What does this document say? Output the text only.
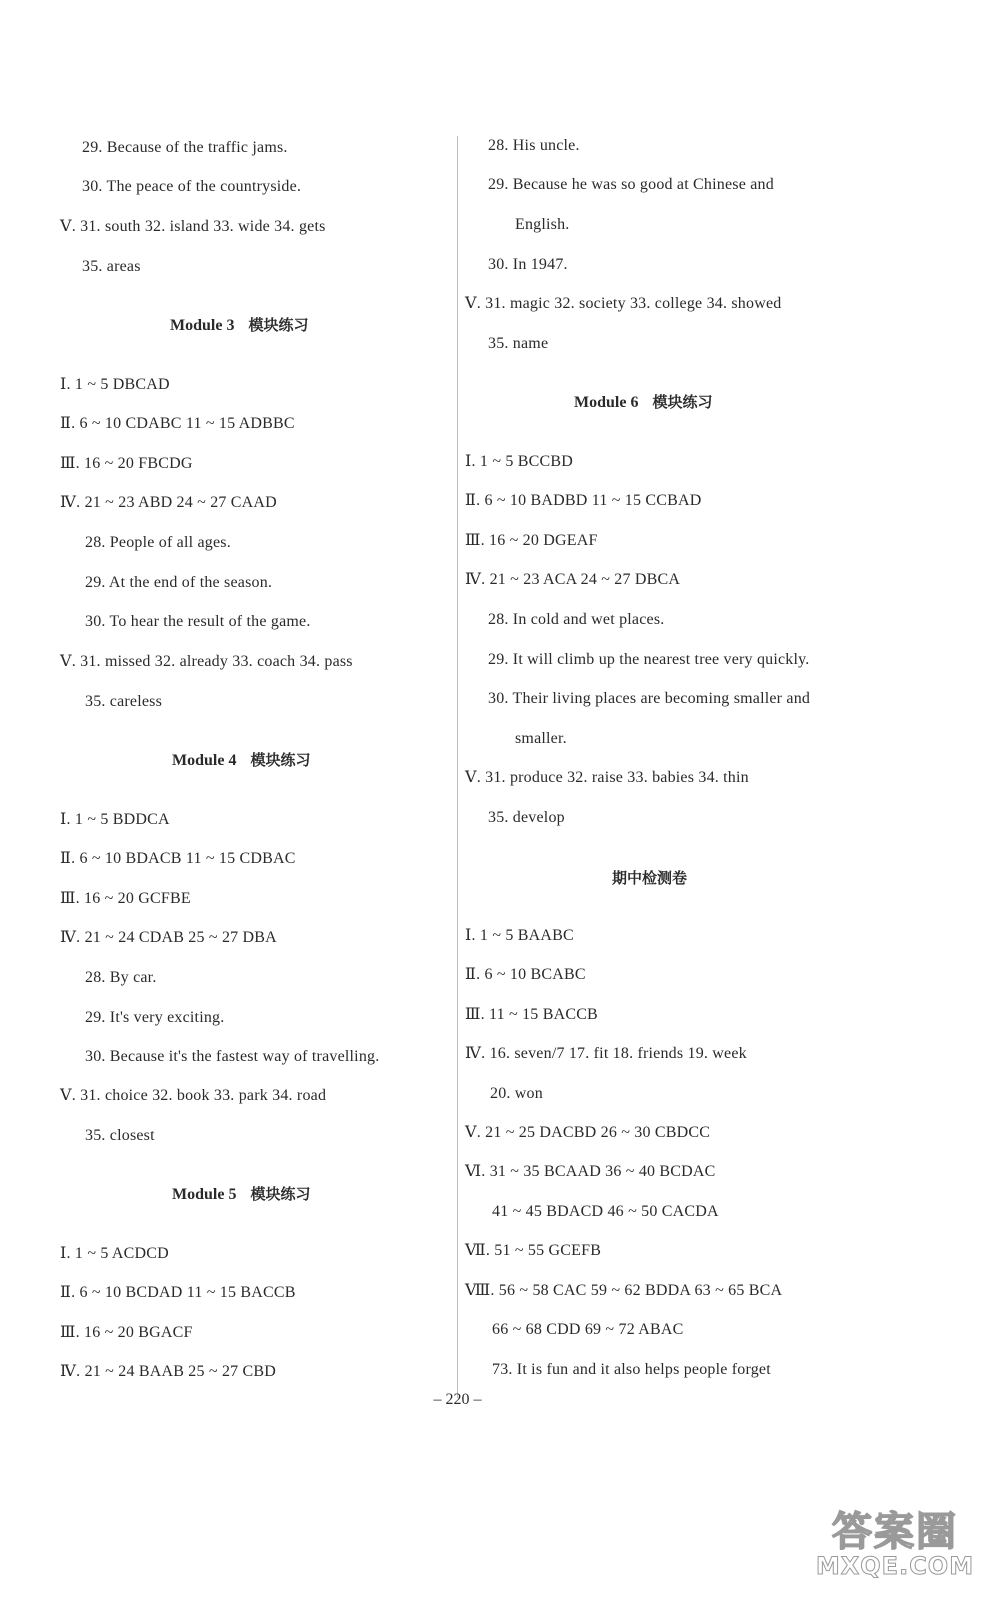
29. Because of the traffic jams.
30. The peace of the countryside.
Ⅴ. 31. south 32. island 33. wide 34. gets
35. areas
Module 3 模块练习
Ⅰ. 1 ~ 5 DBCAD
Ⅱ. 6 ~ 10 CDABC 11 ~ 15 ADBBC
Ⅲ. 16 ~ 20 FBCDG
Ⅳ. 21 ~ 23 ABD 24 ~ 27 CAAD
28. People of all ages.
29. At the end of the season.
30. To hear the result of the game.
Ⅴ. 31. missed 32. already 33. coach 34. pass
35. careless
Module 4 模块练习
Ⅰ. 1 ~ 5 BDDCA
Ⅱ. 6 ~ 10 BDACB 11 ~ 15 CDBAC
Ⅲ. 16 ~ 20 GCFBE
Ⅳ. 21 ~ 24 CDAB 25 ~ 27 DBA
28. By car.
29. It's very exciting.
30. Because it's the fastest way of travelling.
Ⅴ. 31. choice 32. book 33. park 34. road
35. closest
Module 5 模块练习
Ⅰ. 1 ~ 5 ACDCD
Ⅱ. 6 ~ 10 BCDAD 11 ~ 15 BACCB
Ⅲ. 16 ~ 20 BGACF
Ⅳ. 21 ~ 24 BAAB 25 ~ 27 CBD
28. His uncle.
29. Because he was so good at Chinese and
English.
30. In 1947.
Ⅴ. 31. magic 32. society 33. college 34. showed
35. name
Module 6 模块练习
Ⅰ. 1 ~ 5 BCCBD
Ⅱ. 6 ~ 10 BADBD 11 ~ 15 CCBAD
Ⅲ. 16 ~ 20 DGEAF
Ⅳ. 21 ~ 23 ACA 24 ~ 27 DBCA
28. In cold and wet places.
29. It will climb up the nearest tree very quickly.
30. Their living places are becoming smaller and
smaller.
Ⅴ. 31. produce 32. raise 33. babies 34. thin
35. develop
期中检测卷
Ⅰ. 1 ~ 5 BAABC
Ⅱ. 6 ~ 10 BCABC
Ⅲ. 11 ~ 15 BACCB
Ⅳ. 16. seven/7 17. fit 18. friends 19. week
20. won
Ⅴ. 21 ~ 25 DACBD 26 ~ 30 CBDCC
Ⅵ. 31 ~ 35 BCAAD 36 ~ 40 BCDAC
41 ~ 45 BDACD 46 ~ 50 CACDA
Ⅶ. 51 ~ 55 GCEFB
Ⅷ. 56 ~ 58 CAC 59 ~ 62 BDDA 63 ~ 65 BCA
66 ~ 68 CDD 69 ~ 72 ABAC
73. It is fun and it also helps people forget
– 220 –
答案圈
MXQE.COM
